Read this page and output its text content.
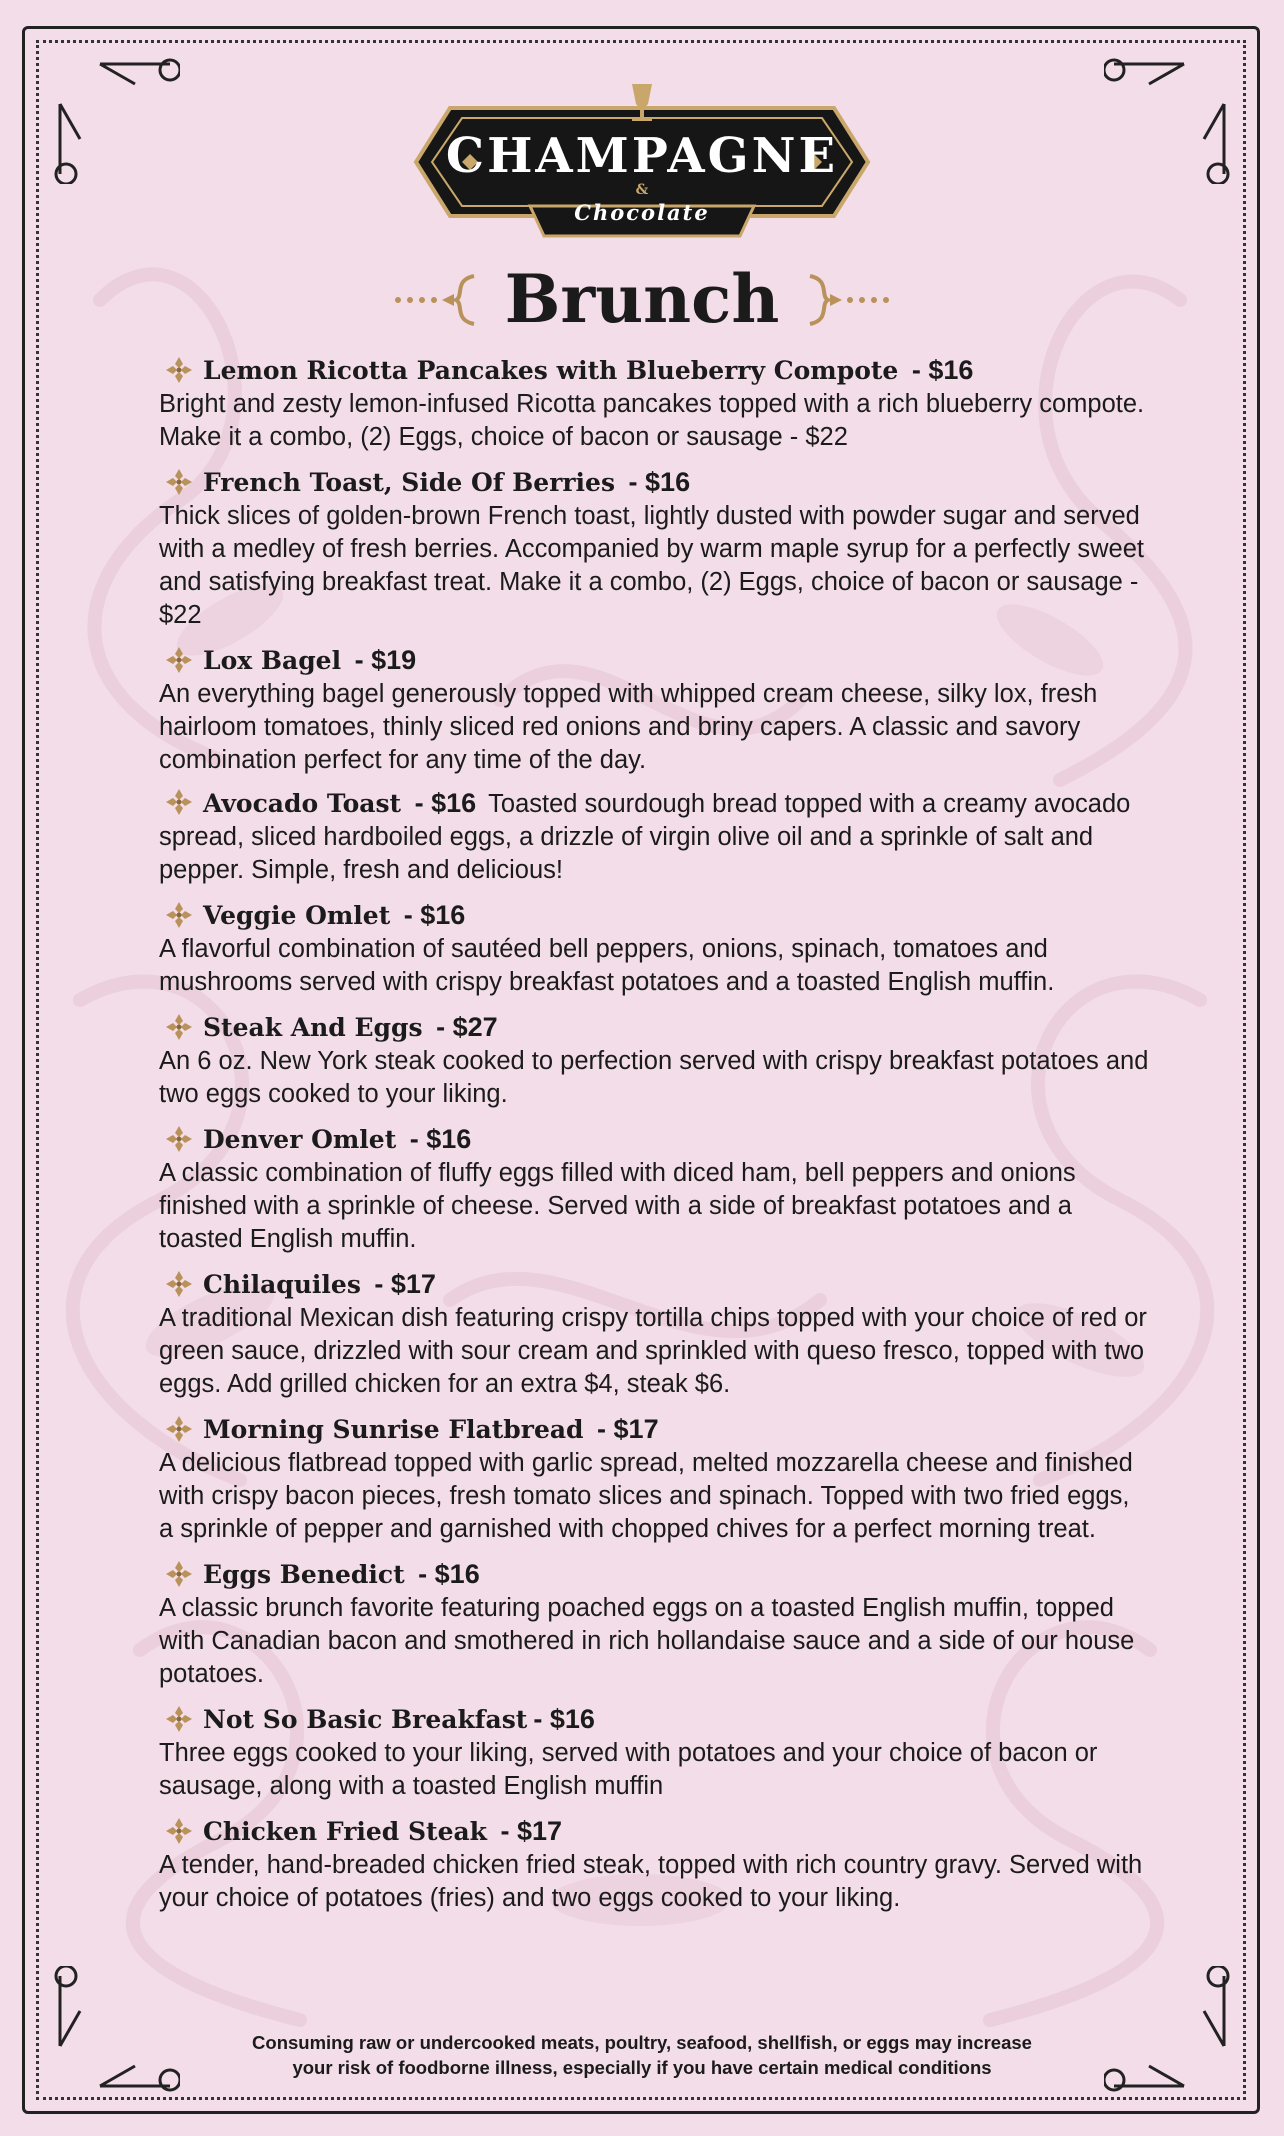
CHAMPAGNE
&
Chocolate
Brunch
Lemon Ricotta Pancakes with Blueberry Compote - $16
Bright and zesty lemon-infused Ricotta pancakes topped with a rich blueberry compote. Make it a combo, (2) Eggs, choice of bacon or sausage - $22
French Toast, Side Of Berries - $16
Thick slices of golden-brown French toast, lightly dusted with powder sugar and served with a medley of fresh berries. Accompanied by warm maple syrup for a perfectly sweet and satisfying breakfast treat. Make it a combo, (2) Eggs, choice of bacon or sausage - $22
Lox Bagel - $19
An everything bagel generously topped with whipped cream cheese, silky lox, fresh hairloom tomatoes, thinly sliced red onions and briny capers. A classic and savory combination perfect for any time of the day.
Avocado Toast - $16 Toasted sourdough bread topped with a creamy avocado spread, sliced hardboiled eggs, a drizzle of virgin olive oil and a sprinkle of salt and pepper. Simple, fresh and delicious!
Veggie Omlet - $16
A flavorful combination of sautéed bell peppers, onions, spinach, tomatoes and mushrooms served with crispy breakfast potatoes and a toasted English muffin.
Steak And Eggs - $27
An 6 oz. New York steak cooked to perfection served with crispy breakfast potatoes and two eggs cooked to your liking.
Denver Omlet - $16
A classic combination of fluffy eggs filled with diced ham, bell peppers and onions finished with a sprinkle of cheese. Served with a side of breakfast potatoes and a toasted English muffin.
Chilaquiles - $17
A traditional Mexican dish featuring crispy tortilla chips topped with your choice of red or green sauce, drizzled with sour cream and sprinkled with queso fresco, topped with two eggs. Add grilled chicken for an extra $4, steak $6.
Morning Sunrise Flatbread - $17
A delicious flatbread topped with garlic spread, melted mozzarella cheese and finished with crispy bacon pieces, fresh tomato slices and spinach. Topped with two fried eggs, a sprinkle of pepper and garnished with chopped chives for a perfect morning treat.
Eggs Benedict - $16
A classic brunch favorite featuring poached eggs on a toasted English muffin, topped with Canadian bacon and smothered in rich hollandaise sauce and a side of our house potatoes.
Not So Basic Breakfast - $16
Three eggs cooked to your liking, served with potatoes and your choice of bacon or sausage, along with a toasted English muffin
Chicken Fried Steak - $17
A tender, hand-breaded chicken fried steak, topped with rich country gravy. Served with your choice of potatoes (fries) and two eggs cooked to your liking.
Consuming raw or undercooked meats, poultry, seafood, shellfish, or eggs may increase
your risk of foodborne illness, especially if you have certain medical conditions
